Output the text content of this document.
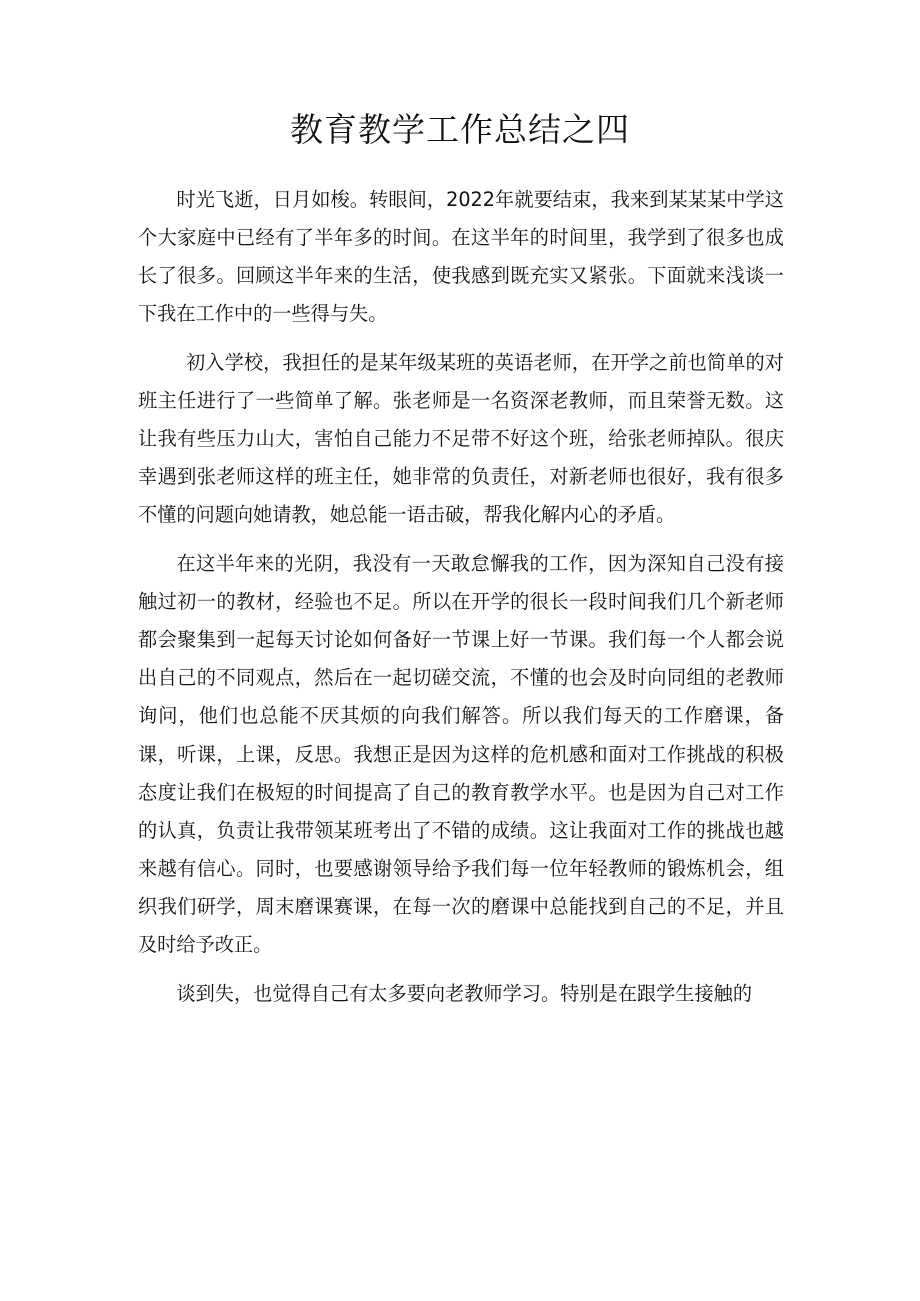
教育教学工作总结之四

时光飞逝，日月如梭。转眼间，2022年就要结束，我来到某某某中学这个大家庭中已经有了半年多的时间。在这半年的时间里，我学到了很多也成长了很多。回顾这半年来的生活，使我感到既充实又紧张。下面就来浅谈一下我在工作中的一些得与失。

初入学校，我担任的是某年级某班的英语老师，在开学之前也简单的对班主任进行了一些简单了解。张老师是一名资深老教师，而且荣誉无数。这让我有些压力山大，害怕自己能力不足带不好这个班，给张老师掉队。很庆幸遇到张老师这样的班主任，她非常的负责任，对新老师也很好，我有很多不懂的问题向她请教，她总能一语击破，帮我化解内心的矛盾。

在这半年来的光阴，我没有一天敢怠懈我的工作，因为深知自己没有接触过初一的教材，经验也不足。所以在开学的很长一段时间我们几个新老师都会聚集到一起每天讨论如何备好一节课上好一节课。我们每一个人都会说出自己的不同观点，然后在一起切磋交流，不懂的也会及时向同组的老教师询问，他们也总能不厌其烦的向我们解答。所以我们每天的工作磨课，备课，听课，上课，反思。我想正是因为这样的危机感和面对工作挑战的积极态度让我们在极短的时间提高了自己的教育教学水平。也是因为自己对工作的认真，负责让我带领某班考出了不错的成绩。这让我面对工作的挑战也越来越有信心。同时，也要感谢领导给予我们每一位年轻教师的锻炼机会，组织我们研学，周末磨课赛课，在每一次的磨课中总能找到自己的不足，并且及时给予改正。

谈到失，也觉得自己有太多要向老教师学习。特别是在跟学生接触的
